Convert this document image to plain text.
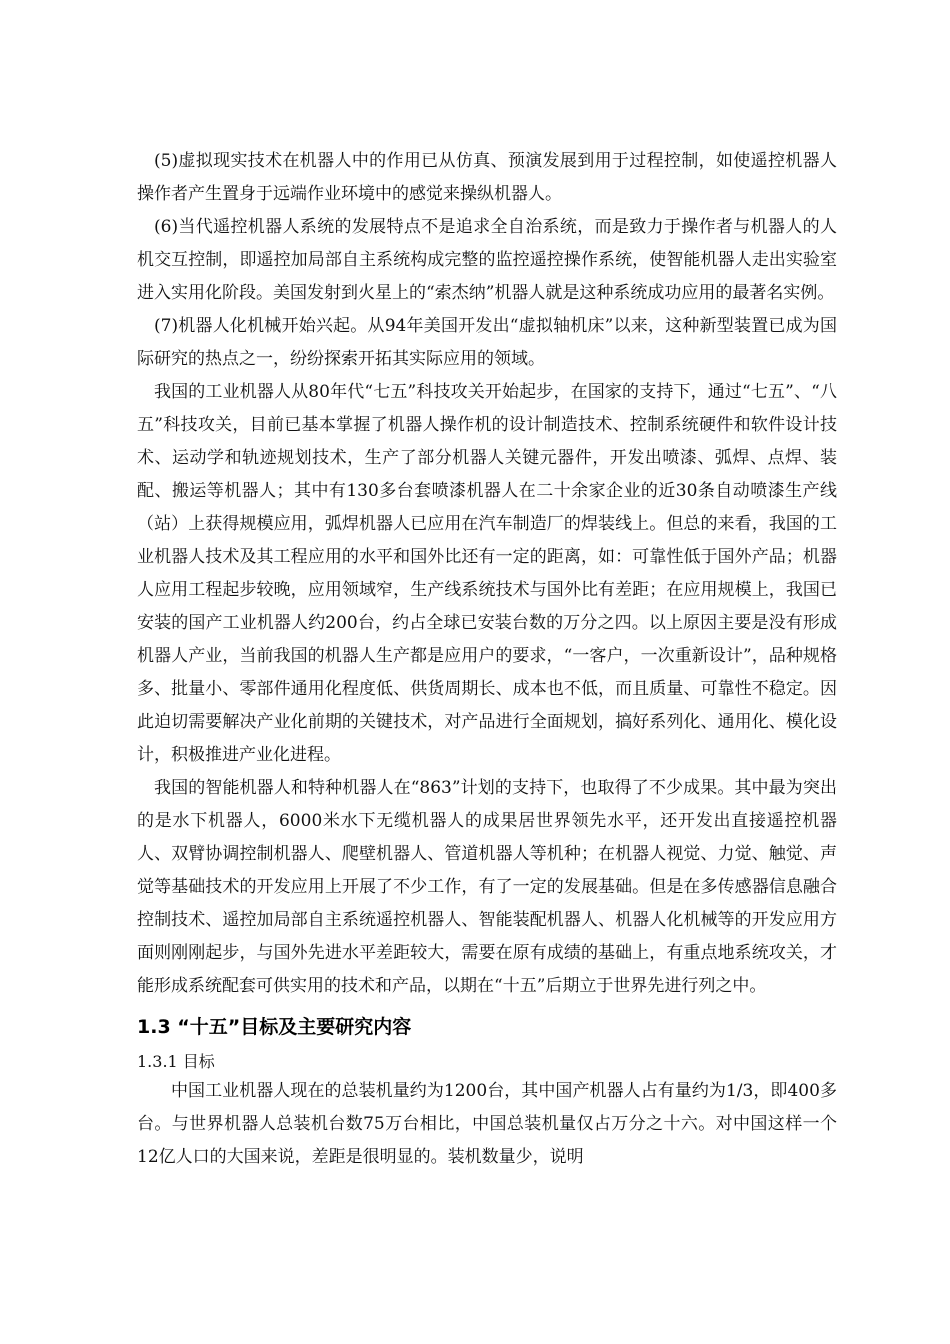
(5)虚拟现实技术在机器人中的作用已从仿真、预演发展到用于过程控制，如使遥控机器人操作者产生置身于远端作业环境中的感觉来操纵机器人。

(6)当代遥控机器人系统的发展特点不是追求全自治系统，而是致力于操作者与机器人的人机交互控制，即遥控加局部自主系统构成完整的监控遥控操作系统，使智能机器人走出实验室进入实用化阶段。美国发射到火星上的“索杰纳”机器人就是这种系统成功应用的最著名实例。

(7)机器人化机械开始兴起。从94年美国开发出“虚拟轴机床”以来，这种新型装置已成为国际研究的热点之一，纷纷探索开拓其实际应用的领域。

我国的工业机器人从80年代“七五”科技攻关开始起步，在国家的支持下，通过“七五”、“八五”科技攻关，目前已基本掌握了机器人操作机的设计制造技术、控制系统硬件和软件设计技术、运动学和轨迹规划技术，生产了部分机器人关键元器件，开发出喷漆、弧焊、点焊、装配、搬运等机器人；其中有130多台套喷漆机器人在二十余家企业的近30条自动喷漆生产线（站）上获得规模应用，弧焊机器人已应用在汽车制造厂的焊装线上。但总的来看，我国的工业机器人技术及其工程应用的水平和国外比还有一定的距离，如：可靠性低于国外产品；机器人应用工程起步较晚，应用领域窄，生产线系统技术与国外比有差距；在应用规模上，我国已安装的国产工业机器人约200台，约占全球已安装台数的万分之四。以上原因主要是没有形成机器人产业，当前我国的机器人生产都是应用户的要求，“一客户，一次重新设计”，品种规格多、批量小、零部件通用化程度低、供货周期长、成本也不低，而且质量、可靠性不稳定。因此迫切需要解决产业化前期的关键技术，对产品进行全面规划，搞好系列化、通用化、模化设计，积极推进产业化进程。

我国的智能机器人和特种机器人在“863”计划的支持下，也取得了不少成果。其中最为突出的是水下机器人，6000米水下无缆机器人的成果居世界领先水平，还开发出直接遥控机器人、双臂协调控制机器人、爬壁机器人、管道机器人等机种；在机器人视觉、力觉、触觉、声觉等基础技术的开发应用上开展了不少工作，有了一定的发展基础。但是在多传感器信息融合控制技术、遥控加局部自主系统遥控机器人、智能装配机器人、机器人化机械等的开发应用方面则刚刚起步，与国外先进水平差距较大，需要在原有成绩的基础上，有重点地系统攻关，才能形成系统配套可供实用的技术和产品，以期在“十五”后期立于世界先进行列之中。

1.3 “十五”目标及主要研究内容
1.3.1 目标

中国工业机器人现在的总装机量约为1200台，其中国产机器人占有量约为1/3，即400多台。与世界机器人总装机台数75万台相比，中国总装机量仅占万分之十六。对中国这样一个12亿人口的大国来说，差距是很明显的。装机数量少，说明
